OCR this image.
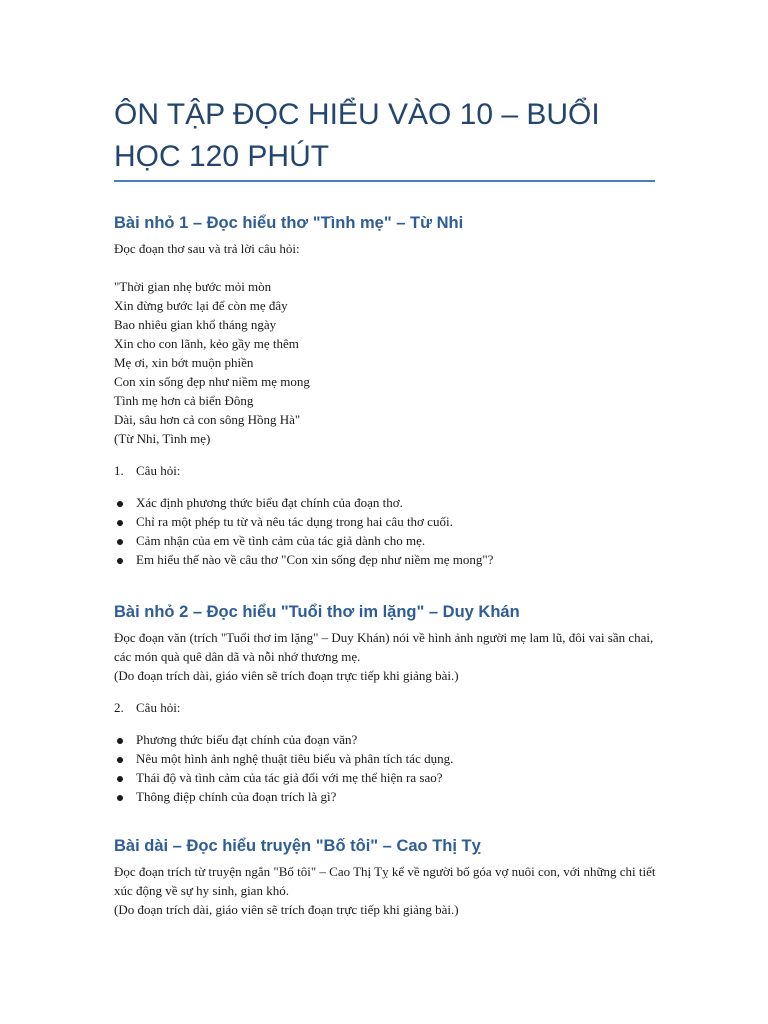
ÔN TẬP ĐỌC HIỂU VÀO 10 – BUỔI HỌC 120 PHÚT
Bài nhỏ 1 – Đọc hiểu thơ "Tình mẹ" – Từ Nhi

Đọc đoạn thơ sau và trả lời câu hỏi:

"Thời gian nhẹ bước mỏi mòn
Xin đừng bước lại để còn mẹ đây
Bao nhiêu gian khổ tháng ngày
Xin cho con lãnh, kẻo gầy mẹ thêm
Mẹ ơi, xin bớt muộn phiền
Con xin sống đẹp như niềm mẹ mong
Tình mẹ hơn cả biển Đông
Dài, sâu hơn cả con sông Hồng Hà"
(Từ Nhi, Tình mẹ)
1. Câu hỏi:
Xác định phương thức biểu đạt chính của đoạn thơ.
Chỉ ra một phép tu từ và nêu tác dụng trong hai câu thơ cuối.
Cảm nhận của em về tình cảm của tác giả dành cho mẹ.
Em hiểu thế nào về câu thơ "Con xin sống đẹp như niềm mẹ mong"?
Bài nhỏ 2 – Đọc hiểu "Tuổi thơ im lặng" – Duy Khán

Đọc đoạn văn (trích "Tuổi thơ im lặng" – Duy Khán) nói về hình ảnh người mẹ lam lũ, đôi vai sần chai, các món quà quê dân dã và nỗi nhớ thương mẹ.

(Do đoạn trích dài, giáo viên sẽ trích đoạn trực tiếp khi giảng bài.)

2. Câu hỏi:
Phương thức biểu đạt chính của đoạn văn?
Nêu một hình ảnh nghệ thuật tiêu biểu và phân tích tác dụng.
Thái độ và tình cảm của tác giả đối với mẹ thể hiện ra sao?
Thông điệp chính của đoạn trích là gì?
Bài dài – Đọc hiểu truyện "Bố tôi" – Cao Thị Tỵ

Đọc đoạn trích từ truyện ngắn "Bố tôi" – Cao Thị Tỵ kể về người bố góa vợ nuôi con, với những chi tiết xúc động về sự hy sinh, gian khó.

(Do đoạn trích dài, giáo viên sẽ trích đoạn trực tiếp khi giảng bài.)
